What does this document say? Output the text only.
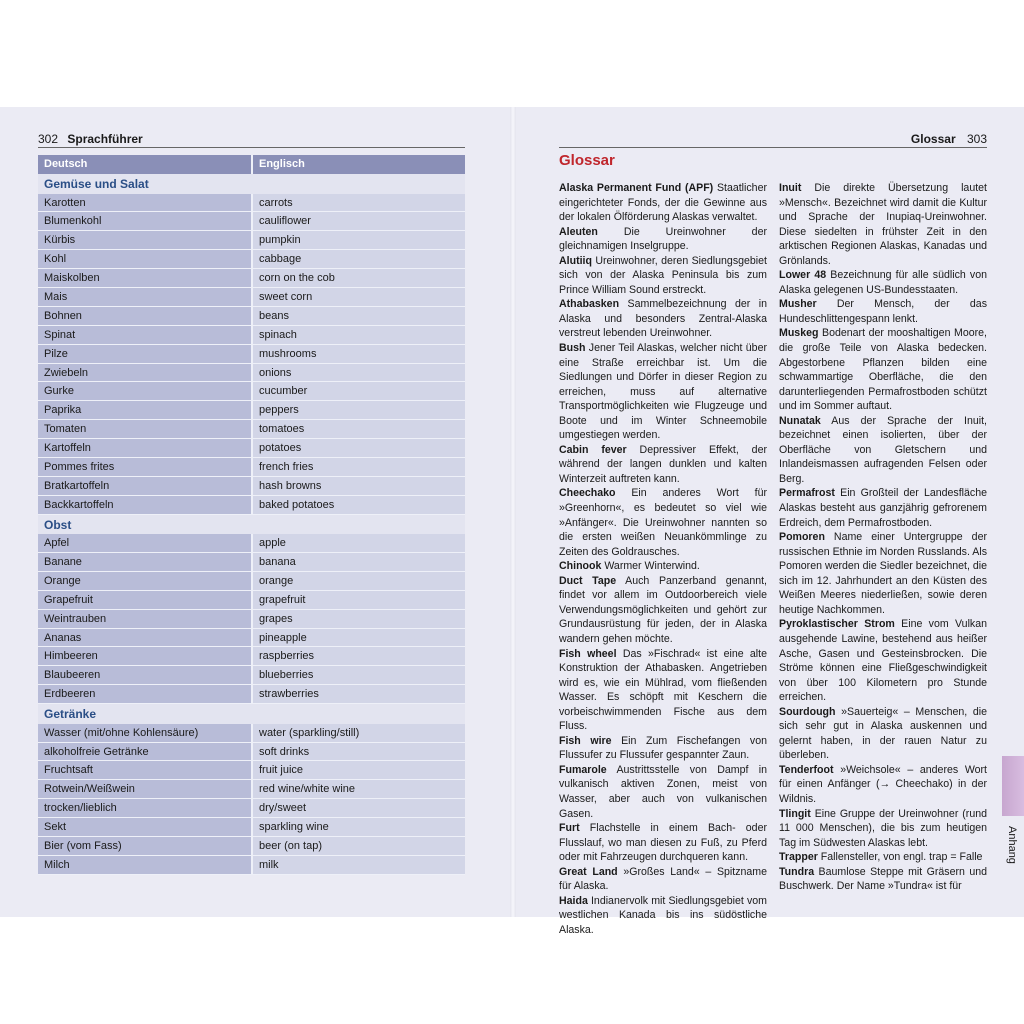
302 Sprachführer
Deutsch	Englisch
Gemüse und Salat
Karotten	carrots
Blumenkohl	cauliflower
Kürbis	pumpkin
Kohl	cabbage
Maiskolben	corn on the cob
Mais	sweet corn
Bohnen	beans
Spinat	spinach
Pilze	mushrooms
Zwiebeln	onions
Gurke	cucumber
Paprika	peppers
Tomaten	tomatoes
Kartoffeln	potatoes
Pommes frites	french fries
Bratkartoffeln	hash browns
Backkartoffeln	baked potatoes
Obst
Apfel	apple
Banane	banana
Orange	orange
Grapefruit	grapefruit
Weintrauben	grapes
Ananas	pineapple
Himbeeren	raspberries
Blaubeeren	blueberries
Erdbeeren	strawberries
Getränke
Wasser (mit/ohne Kohlensäure)	water (sparkling/still)
alkoholfreie Getränke	soft drinks
Fruchtsaft	fruit juice
Rotwein/Weißwein	red wine/white wine
trocken/lieblich	dry/sweet
Sekt	sparkling wine
Bier (vom Fass)	beer (on tap)
Milch	milk
Glossar 303
Glossar

Alaska Permanent Fund (APF) Staatlicher eingerichteter Fonds, der die Gewinne aus der lokalen Ölförderung Alaskas verwaltet.

Aleuten Die Ureinwohner der gleichnamigen Inselgruppe.

Alutiiq Ureinwohner, deren Siedlungsgebiet sich von der Alaska Peninsula bis zum Prince William Sound erstreckt.

Athabasken Sammelbezeichnung der in Alaska und besonders Zentral-Alaska verstreut lebenden Ureinwohner.

Bush Jener Teil Alaskas, welcher nicht über eine Straße erreichbar ist. Um die Siedlungen und Dörfer in dieser Region zu erreichen, muss auf alternative Transportmöglichkeiten wie Flugzeuge und Boote und im Winter Schneemobile umgestiegen werden.

Cabin fever Depressiver Effekt, der während der langen dunklen und kalten Winterzeit auftreten kann.

Cheechako Ein anderes Wort für »Greenhorn«, es bedeutet so viel wie »Anfänger«. Die Ureinwohner nannten so die ersten weißen Neuankömmlinge zu Zeiten des Goldrausches.

Chinook Warmer Winterwind.

Duct Tape Auch Panzerband genannt, findet vor allem im Outdoorbereich viele Verwendungsmöglichkeiten und gehört zur Grundausrüstung für jeden, der in Alaska wandern gehen möchte.

Fish wheel Das »Fischrad« ist eine alte Konstruktion der Athabasken. Angetrieben wird es, wie ein Mühlrad, vom fließenden Wasser. Es schöpft mit Keschern die vorbeischwimmenden Fische aus dem Fluss.

Fish wire Ein Zum Fischefangen von Flussufer zu Flussufer gespannter Zaun.

Fumarole Austrittsstelle von Dampf in vulkanisch aktiven Zonen, meist von Wasser, aber auch von vulkanischen Gasen.

Furt Flachstelle in einem Bach- oder Flusslauf, wo man diesen zu Fuß, zu Pferd oder mit Fahrzeugen durchqueren kann.

Great Land »Großes Land« – Spitzname für Alaska.

Haida Indianervolk mit Siedlungsgebiet vom westlichen Kanada bis ins südöstliche Alaska.

Inuit Die direkte Übersetzung lautet »Mensch«. Bezeichnet wird damit die Kultur und Sprache der Inupiaq-Ureinwohner. Diese siedelten in frühster Zeit in den arktischen Regionen Alaskas, Kanadas und Grönlands.

Lower 48 Bezeichnung für alle südlich von Alaska gelegenen US-Bundesstaaten.

Musher Der Mensch, der das Hundeschlittengespann lenkt.

Muskeg Bodenart der mooshaltigen Moore, die große Teile von Alaska bedecken. Abgestorbene Pflanzen bilden eine schwammartige Oberfläche, die den darunterliegenden Permafrostboden schützt und im Sommer auftaut.

Nunatak Aus der Sprache der Inuit, bezeichnet einen isolierten, über der Oberfläche von Gletschern und Inlandeismassen aufragenden Felsen oder Berg.

Permafrost Ein Großteil der Landesfläche Alaskas besteht aus ganzjährig gefrorenem Erdreich, dem Permafrostboden.

Pomoren Name einer Untergruppe der russischen Ethnie im Norden Russlands. Als Pomoren werden die Siedler bezeichnet, die sich im 12. Jahrhundert an den Küsten des Weißen Meeres niederließen, sowie deren heutige Nachkommen.

Pyroklastischer Strom Eine vom Vulkan ausgehende Lawine, bestehend aus heißer Asche, Gasen und Gesteinsbrocken. Die Ströme können eine Fließgeschwindigkeit von über 100 Kilometern pro Stunde erreichen.

Sourdough »Sauerteig« – Menschen, die sich sehr gut in Alaska auskennen und gelernt haben, in der rauen Natur zu überleben.

Tenderfoot »Weichsole« – anderes Wort für einen Anfänger (→ Cheechako) in der Wildnis.

Tlingit Eine Gruppe der Ureinwohner (rund 11 000 Menschen), die bis zum heutigen Tag im Südwesten Alaskas lebt.

Trapper Fallensteller, von engl. trap = Falle

Tundra Baumlose Steppe mit Gräsern und Buschwerk. Der Name »Tundra« ist für

Anhang
